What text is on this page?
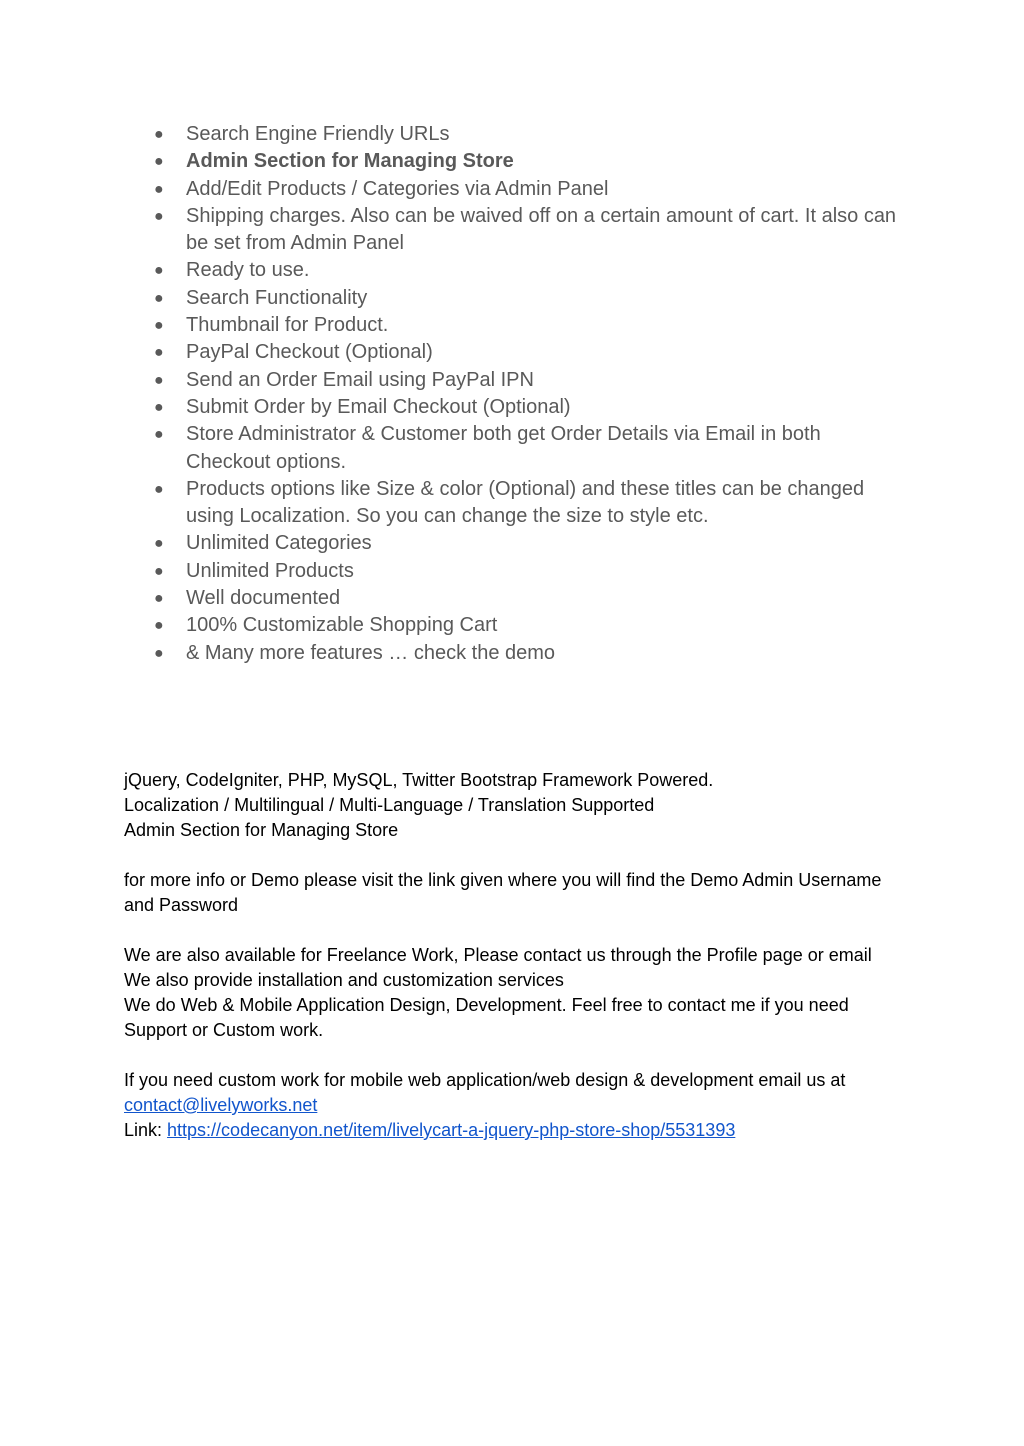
● Search Engine Friendly URLs
● Admin Section for Managing Store
● Add/Edit Products / Categories via Admin Panel
● Shipping charges. Also can be waived off on a certain amount of cart. It also can be set from Admin Panel
● Ready to use.
● Search Functionality
● Thumbnail for Product.
● PayPal Checkout (Optional)
● Send an Order Email using PayPal IPN
● Submit Order by Email Checkout (Optional)
● Store Administrator & Customer both get Order Details via Email in both Checkout options.
● Products options like Size & color (Optional) and these titles can be changed using Localization. So you can change the size to style etc.
● Unlimited Categories
● Unlimited Products
● Well documented
● 100% Customizable Shopping Cart
● & Many more features … check the demo

jQuery, CodeIgniter, PHP, MySQL, Twitter Bootstrap Framework Powered.

Localization / Multilingual / Multi-Language / Translation Supported

Admin Section for Managing Store

for more info or Demo please visit the link given where you will find the Demo Admin Username and Password

We are also available for Freelance Work, Please contact us through the Profile page or email

We also provide installation and customization services

We do Web & Mobile Application Design, Development. Feel free to contact me if you need Support or Custom work.

If you need custom work for mobile web application/web design & development email us at

contact@livelyworks.net

Link: https://codecanyon.net/item/livelycart-a-jquery-php-store-shop/5531393
